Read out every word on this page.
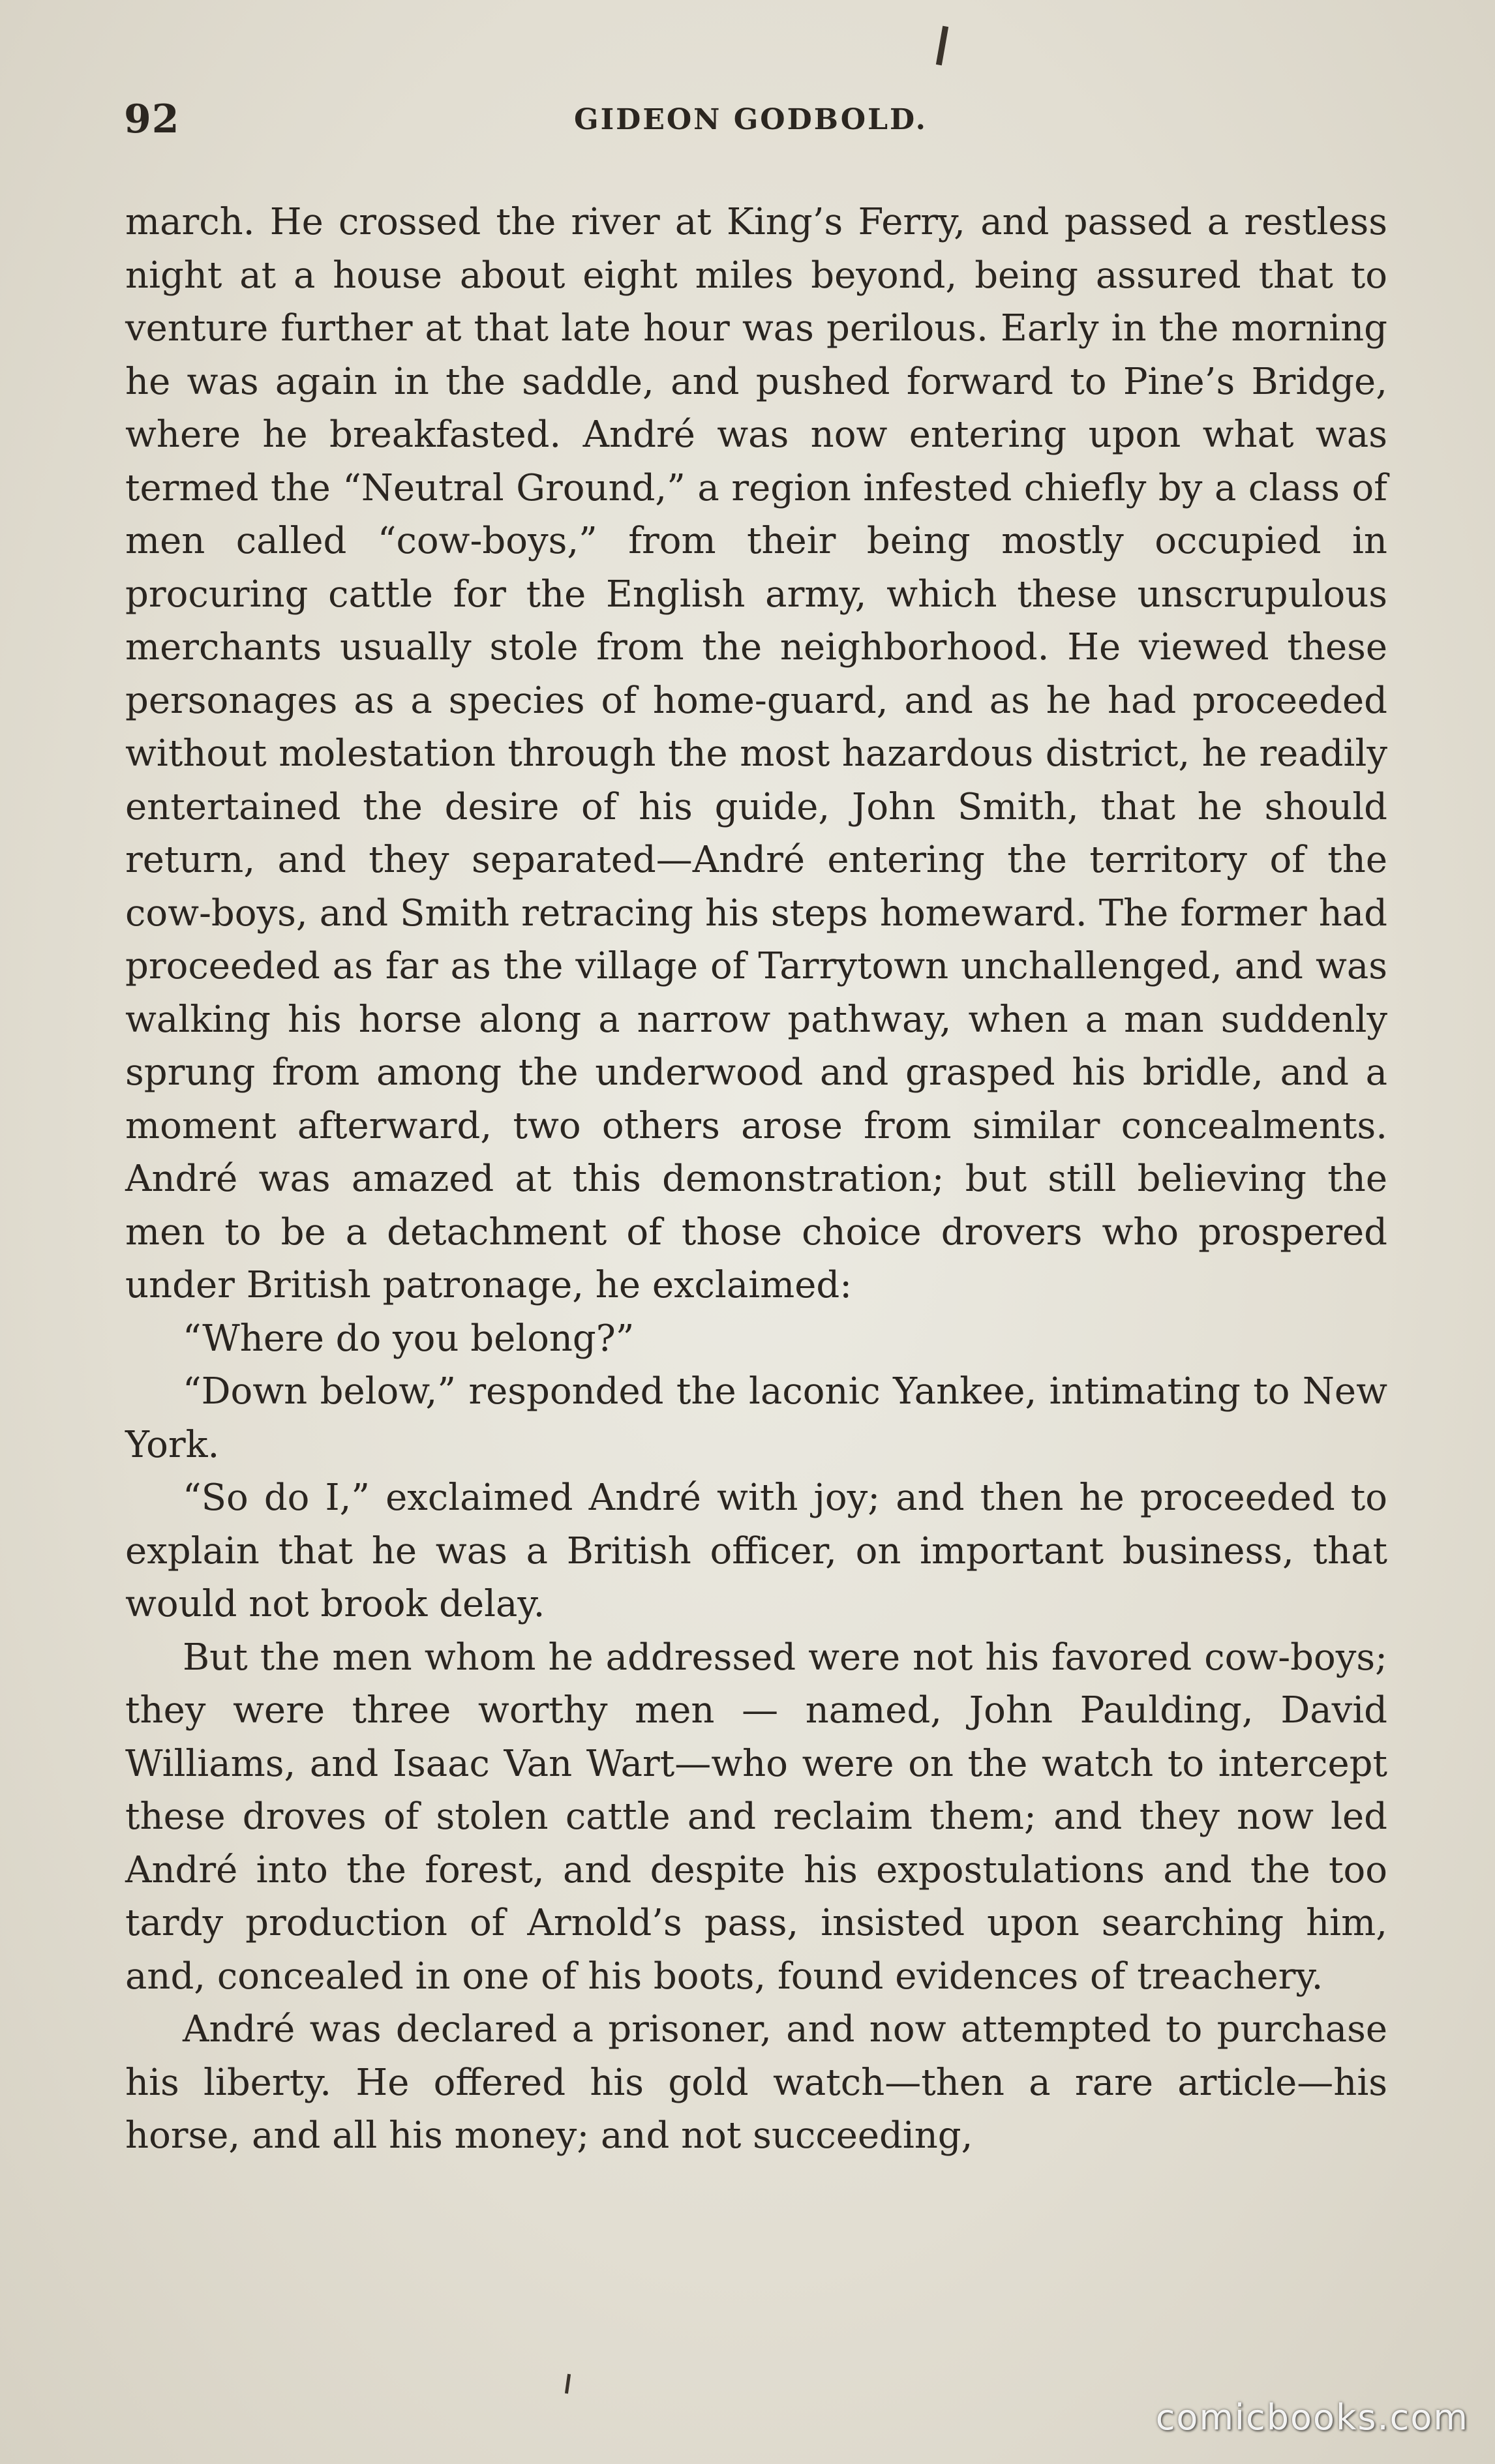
92	GIDEON GODBOLD.

march. He crossed the river at King’s Ferry, and passed a restless night at a house about eight miles beyond, being assured that to venture further at that late hour was perilous. Early in the morning he was again in the saddle, and pushed forward to Pine’s Bridge, where he breakfasted. André was now entering upon what was termed the “Neutral Ground,” a region infested chiefly by a class of men called “cow-boys,” from their being mostly occupied in procuring cattle for the English army, which these unscrupulous merchants usually stole from the neighborhood. He viewed these personages as a species of home-guard, and as he had proceeded without molestation through the most hazardous district, he readily entertained the desire of his guide, John Smith, that he should return, and they separated—André entering the territory of the cow-boys, and Smith retracing his steps homeward. The former had proceeded as far as the village of Tarrytown unchallenged, and was walking his horse along a narrow pathway, when a man suddenly sprung from among the underwood and grasped his bridle, and a moment afterward, two others arose from similar concealments. André was amazed at this demonstration; but still believing the men to be a detachment of those choice drovers who prospered under British patronage, he exclaimed:

“Where do you belong?”

“Down below,” responded the laconic Yankee, intimating to New York.

“So do I,” exclaimed André with joy; and then he proceeded to explain that he was a British officer, on important business, that would not brook delay.

But the men whom he addressed were not his favored cow-boys; they were three worthy men — named, John Paulding, David Williams, and Isaac Van Wart—who were on the watch to intercept these droves of stolen cattle and reclaim them; and they now led André into the forest, and despite his expostulations and the too tardy production of Arnold’s pass, insisted upon searching him, and, concealed in one of his boots, found evidences of treachery.

André was declared a prisoner, and now attempted to purchase his liberty. He offered his gold watch—then a rare article—his horse, and all his money; and not succeeding,

comicbooks.com
